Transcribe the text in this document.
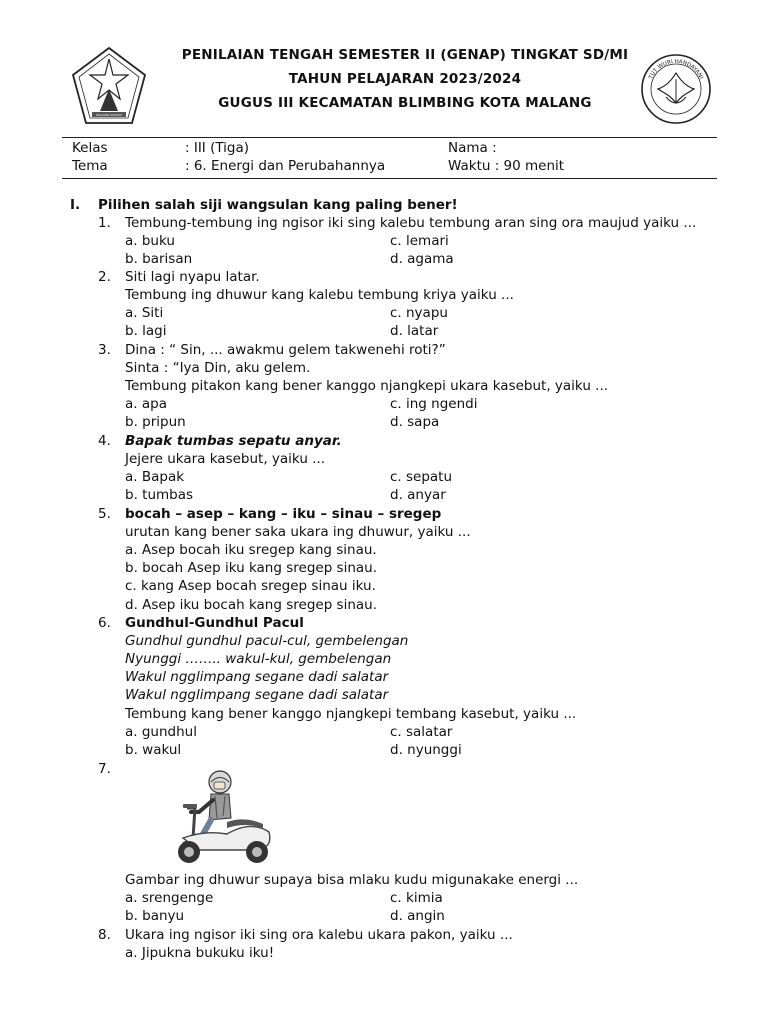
MALANG KOTAKU
PENILAIAN TENGAH SEMESTER II (GENAP) TINGKAT SD/MI
TAHUN PELAJARAN 2023/2024
GUGUS III KECAMATAN BLIMBING KOTA MALANG
TUT WURI HANDAYANI
Kelas	: III (Tiga)	Nama :
Tema	: 6. Energi dan Perubahannya	Waktu : 90 menit
I. Pilihen salah siji wangsulan kang paling bener!
1. Tembung-tembung ing ngisor iki sing kalebu tembung aran sing ora maujud yaiku ...
a. buku	c. lemari
b. barisan	d. agama
2. Siti lagi nyapu latar.
Tembung ing dhuwur kang kalebu tembung kriya yaiku ...
a. Siti	c. nyapu
b. lagi	d. latar
3. Dina : “ Sin, ... awakmu gelem takwenehi roti?”
Sinta : “Iya Din, aku gelem.
Tembung pitakon kang bener kanggo njangkepi ukara kasebut, yaiku ...
a. apa	c. ing ngendi
b. pripun	d. sapa
4. Bapak tumbas sepatu anyar.
Jejere ukara kasebut, yaiku ...
a. Bapak	c. sepatu
b. tumbas	d. anyar
5. bocah – asep – kang – iku – sinau – sregep
urutan kang bener saka ukara ing dhuwur, yaiku ...
a. Asep bocah iku sregep kang sinau.
b. bocah Asep iku kang sregep sinau.
c. kang Asep bocah sregep sinau iku.
d. Asep iku bocah kang sregep sinau.
6. Gundhul-Gundhul Pacul
Gundhul gundhul pacul-cul, gembelengan
Nyunggi …….. wakul-kul, gembelengan
Wakul ngglimpang segane dadi salatar
Wakul ngglimpang segane dadi salatar
Tembung kang bener kanggo njangkepi tembang kasebut, yaiku ...
a. gundhul	c. salatar
b. wakul	d. nyunggi
7.
Gambar ing dhuwur supaya bisa mlaku kudu migunakake energi ...
a. srengenge	c. kimia
b. banyu	d. angin
8. Ukara ing ngisor iki sing ora kalebu ukara pakon, yaiku ...
a. Jipukna bukuku iku!
